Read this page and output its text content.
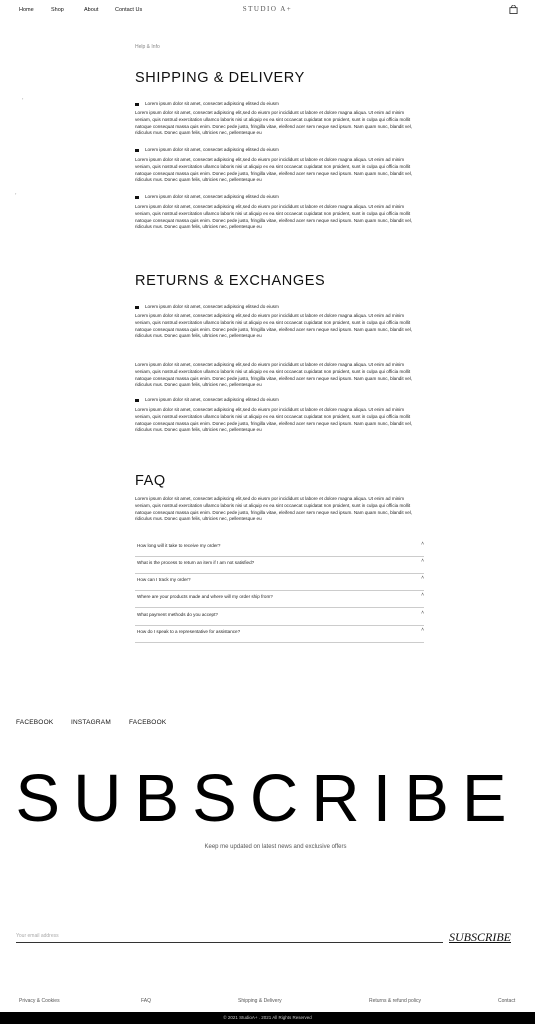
Home	Shop	About	Contact Us	STUDIO A+
‹
›
Help & Info
SHIPPING & DELIVERY
Lorem ipsum dolor sit amet, consectet adipiscing elitsed do eiusm
Lorem ipsum dolor sit amet, consectet adipiscing elit,sed do eiusm por incididunt ut labore et dolore magna aliqua. Ut enim ad minim veniam, quis nostrud exercitation ullamco laboris nisi ut aliquip ex ea sint occaecat cupidatat non proident, sunt in culpa qui officia mollit natoque consequat massa quis enim. Donec pede justo, fringilla vitae, eleifend acer sem neque sed ipsum. Nam quam nunc, blandit vel, ridiculus mus. Donec quam felis, ultricies nec, pellentesque eu
Lorem ipsum dolor sit amet, consectet adipiscing elitsed do eiusm
Lorem ipsum dolor sit amet, consectet adipiscing elit,sed do eiusm por incididunt ut labore et dolore magna aliqua. Ut enim ad minim veniam, quis nostrud exercitation ullamco laboris nisi ut aliquip ex ea sint occaecat cupidatat non proident, sunt in culpa qui officia mollit natoque consequat massa quis enim. Donec pede justo, fringilla vitae, eleifend acer sem neque sed ipsum. Nam quam nunc, blandit vel, ridiculus mus. Donec quam felis, ultricies nec, pellentesque eu
Lorem ipsum dolor sit amet, consectet adipiscing elitsed do eiusm
Lorem ipsum dolor sit amet, consectet adipiscing elit,sed do eiusm por incididunt ut labore et dolore magna aliqua. Ut enim ad minim veniam, quis nostrud exercitation ullamco laboris nisi ut aliquip ex ea sint occaecat cupidatat non proident, sunt in culpa qui officia mollit natoque consequat massa quis enim. Donec pede justo, fringilla vitae, eleifend acer sem neque sed ipsum. Nam quam nunc, blandit vel, ridiculus mus. Donec quam felis, ultricies nec, pellentesque eu
RETURNS & EXCHANGES
Lorem ipsum dolor sit amet, consectet adipiscing elitsed do eiusm
Lorem ipsum dolor sit amet, consectet adipiscing elit,sed do eiusm por incididunt ut labore et dolore magna aliqua. Ut enim ad minim veniam, quis nostrud exercitation ullamco laboris nisi ut aliquip ex ea sint occaecat cupidatat non proident, sunt in culpa qui officia mollit natoque consequat massa quis enim. Donec pede justo, fringilla vitae, eleifend acer sem neque sed ipsum. Nam quam nunc, blandit vel, ridiculus mus. Donec quam felis, ultricies nec, pellentesque eu
Lorem ipsum dolor sit amet, consectet adipiscing elit,sed do eiusm por incididunt ut labore et dolore magna aliqua. Ut enim ad minim veniam, quis nostrud exercitation ullamco laboris nisi ut aliquip ex ea sint occaecat cupidatat non proident, sunt in culpa qui officia mollit natoque consequat massa quis enim. Donec pede justo, fringilla vitae, eleifend acer sem neque sed ipsum. Nam quam nunc, blandit vel, ridiculus mus. Donec quam felis, ultricies nec, pellentesque eu
Lorem ipsum dolor sit amet, consectet adipiscing elitsed do eiusm
Lorem ipsum dolor sit amet, consectet adipiscing elit,sed do eiusm por incididunt ut labore et dolore magna aliqua. Ut enim ad minim veniam, quis nostrud exercitation ullamco laboris nisi ut aliquip ex ea sint occaecat cupidatat non proident, sunt in culpa qui officia mollit natoque consequat massa quis enim. Donec pede justo, fringilla vitae, eleifend acer sem neque sed ipsum. Nam quam nunc, blandit vel, ridiculus mus. Donec quam felis, ultricies nec, pellentesque eu
FAQ
Lorem ipsum dolor sit amet, consectet adipiscing elit,sed do eiusm por incididunt ut labore et dolore magna aliqua. Ut enim ad minim veniam, quis nostrud exercitation ullamco laboris nisi ut aliquip ex ea sint occaecat cupidatat non proident, sunt in culpa qui officia mollit natoque consequat massa quis enim. Donec pede justo, fringilla vitae, eleifend acer sem neque sed ipsum. Nam quam nunc, blandit vel, ridiculus mus. Donec quam felis, ultricies nec, pellentesque eu
How long will it take to receive my order?	˄
What is the process to return an item if I am not satisfied?	˄
How can I track my order?	˄
Where are your products made and where will my order ship from?	˄
What payment methods do you accept?	˄
How do I speak to a representative for assistance?	˄
FACEBOOK	INSTAGRAM	FACEBOOK
SUBSCRIBE
Keep me updated on latest news and exclusive offers
Your email address
SUBSCRIBE
Privacy & Cookies	FAQ	Shipping & Delivery	Returns & refund policy	Contact
© 2021 StudioA+ . 2021 All Rights Reserved
